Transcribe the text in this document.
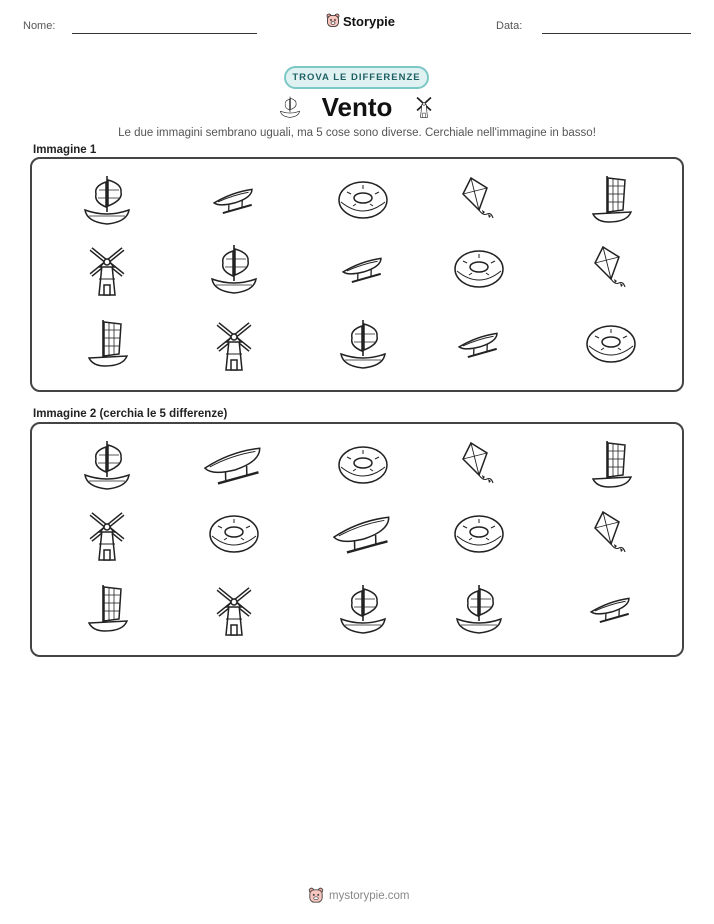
Nome:	Storypie	Data:
TROVA LE DIFFERENZE
Vento
Le due immagini sembrano uguali, ma 5 cose sono diverse. Cerchiale nell'immagine in basso!
Immagine 1
Immagine 2 (cerchia le 5 differenze)
mystorypie.com
